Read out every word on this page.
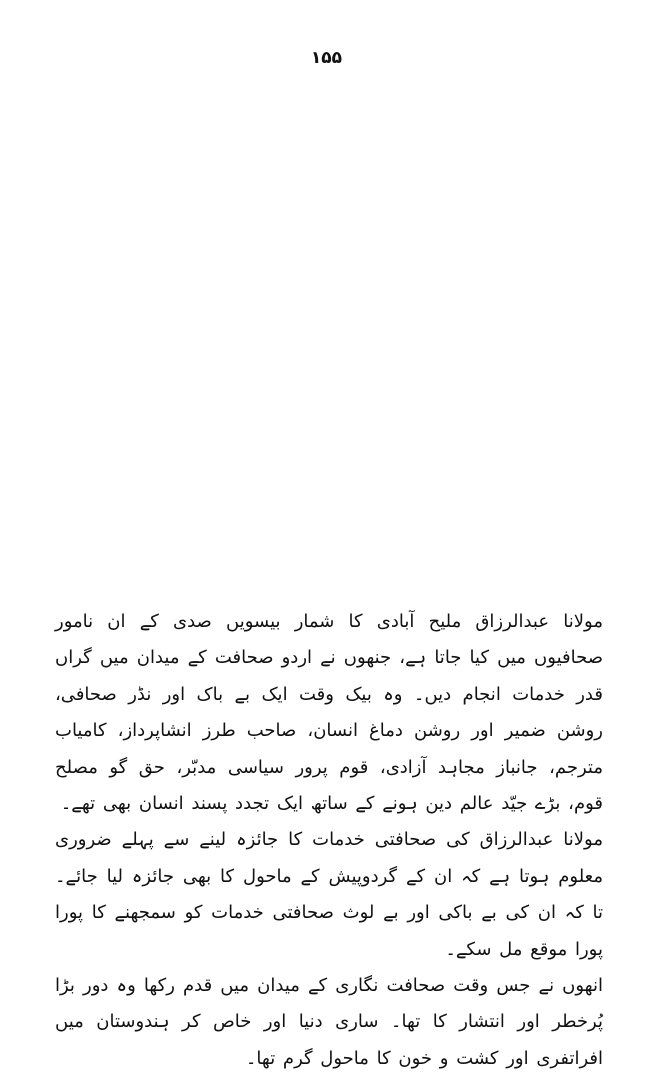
۱۵۵

مولانا عبدالرزاق ملیح آبادی کا شمار بیسویں صدی کے ان نامور صحافیوں میں کیا جاتا ہے، جنھوں نے اردو صحافت کے میدان میں گراں قدر خدمات انجام دیں۔ وہ بیک وقت ایک بے باک اور نڈر صحافی، روشن ضمیر اور روشن دماغ انسان، صاحب طرز انشاپرداز، کامیاب مترجم، جانباز مجاہد آزادی، قوم پرور سیاسی مدبّر، حق گو مصلح قوم، بڑے جیّد عالم دین ہونے کے ساتھ ایک تجدد پسند انسان بھی تھے۔

مولانا عبدالرزاق کی صحافتی خدمات کا جائزہ لینے سے پہلے ضروری معلوم ہوتا ہے کہ ان کے گردوپیش کے ماحول کا بھی جائزہ لیا جائے۔ تا کہ ان کی بے باکی اور بے لوث صحافتی خدمات کو سمجھنے کا پورا پورا موقع مل سکے۔

انھوں نے جس وقت صحافت نگاری کے میدان میں قدم رکھا وہ دور بڑا پُرخطر اور انتشار کا تھا۔ ساری دنیا اور خاص کر ہندوستان میں افراتفری اور کشت و خون کا ماحول گرم تھا۔
